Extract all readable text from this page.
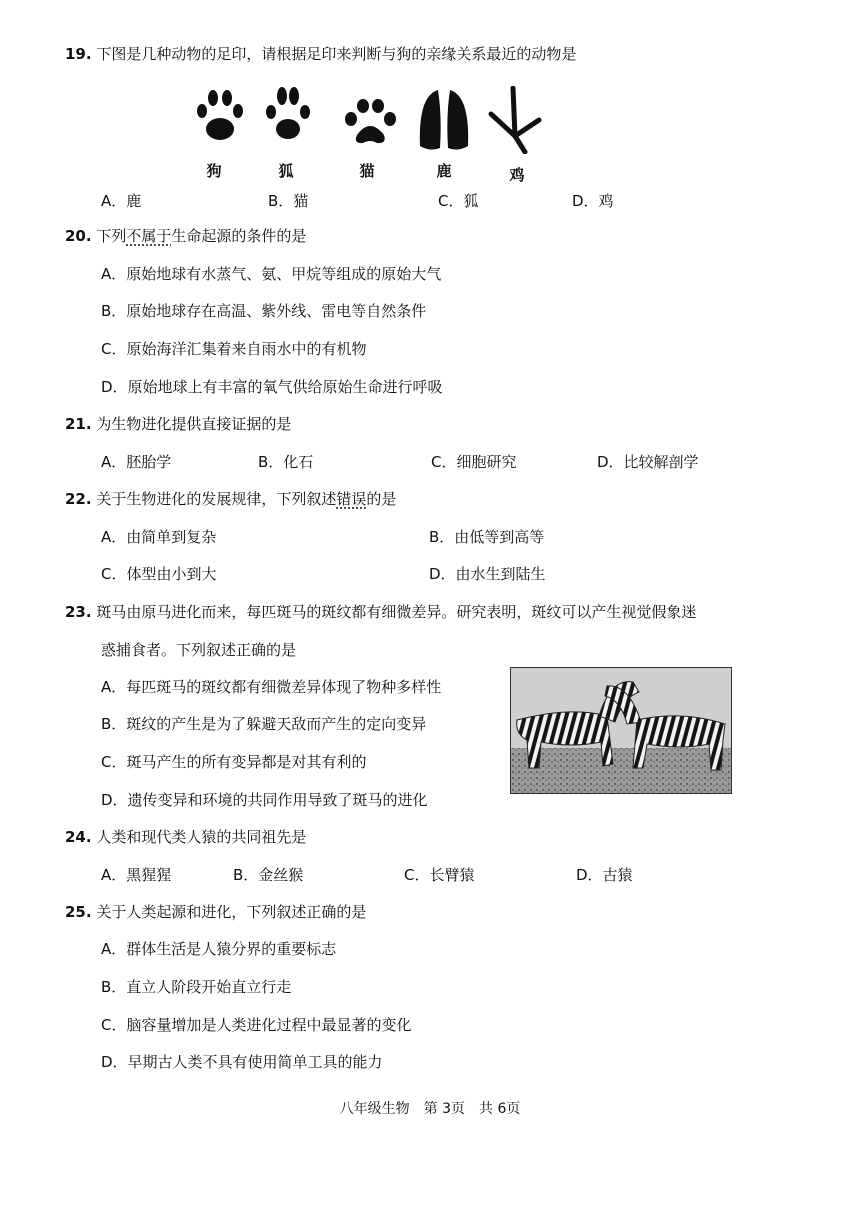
19. 下图是几种动物的足印，请根据足印来判断与狗的亲缘关系最近的动物是
狗	狐	猫	鹿	鸡
A．鹿	B．猫	C．狐	D．鸡
20. 下列不属于生命起源的条件的是
A．原始地球有水蒸气、氨、甲烷等组成的原始大气
B．原始地球存在高温、紫外线、雷电等自然条件
C．原始海洋汇集着来自雨水中的有机物
D．原始地球上有丰富的氧气供给原始生命进行呼吸
21. 为生物进化提供直接证据的是
A．胚胎学	B．化石	C．细胞研究	D．比较解剖学
22. 关于生物进化的发展规律，下列叙述错误的是
A．由简单到复杂	B．由低等到高等
C．体型由小到大	D．由水生到陆生
23. 斑马由原马进化而来，每匹斑马的斑纹都有细微差异。研究表明，斑纹可以产生视觉假象迷
惑捕食者。下列叙述正确的是
A．每匹斑马的斑纹都有细微差异体现了物种多样性
B．斑纹的产生是为了躲避天敌而产生的定向变异
C．斑马产生的所有变异都是对其有利的
D．遗传变异和环境的共同作用导致了斑马的进化
24. 人类和现代类人猿的共同祖先是
A．黑猩猩	B．金丝猴	C．长臂猿	D．古猿
25. 关于人类起源和进化，下列叙述正确的是
A．群体生活是人猿分界的重要标志
B．直立人阶段开始直立行走
C．脑容量增加是人类进化过程中最显著的变化
D．早期古人类不具有使用简单工具的能力
八年级生物　第 3页　共 6页
